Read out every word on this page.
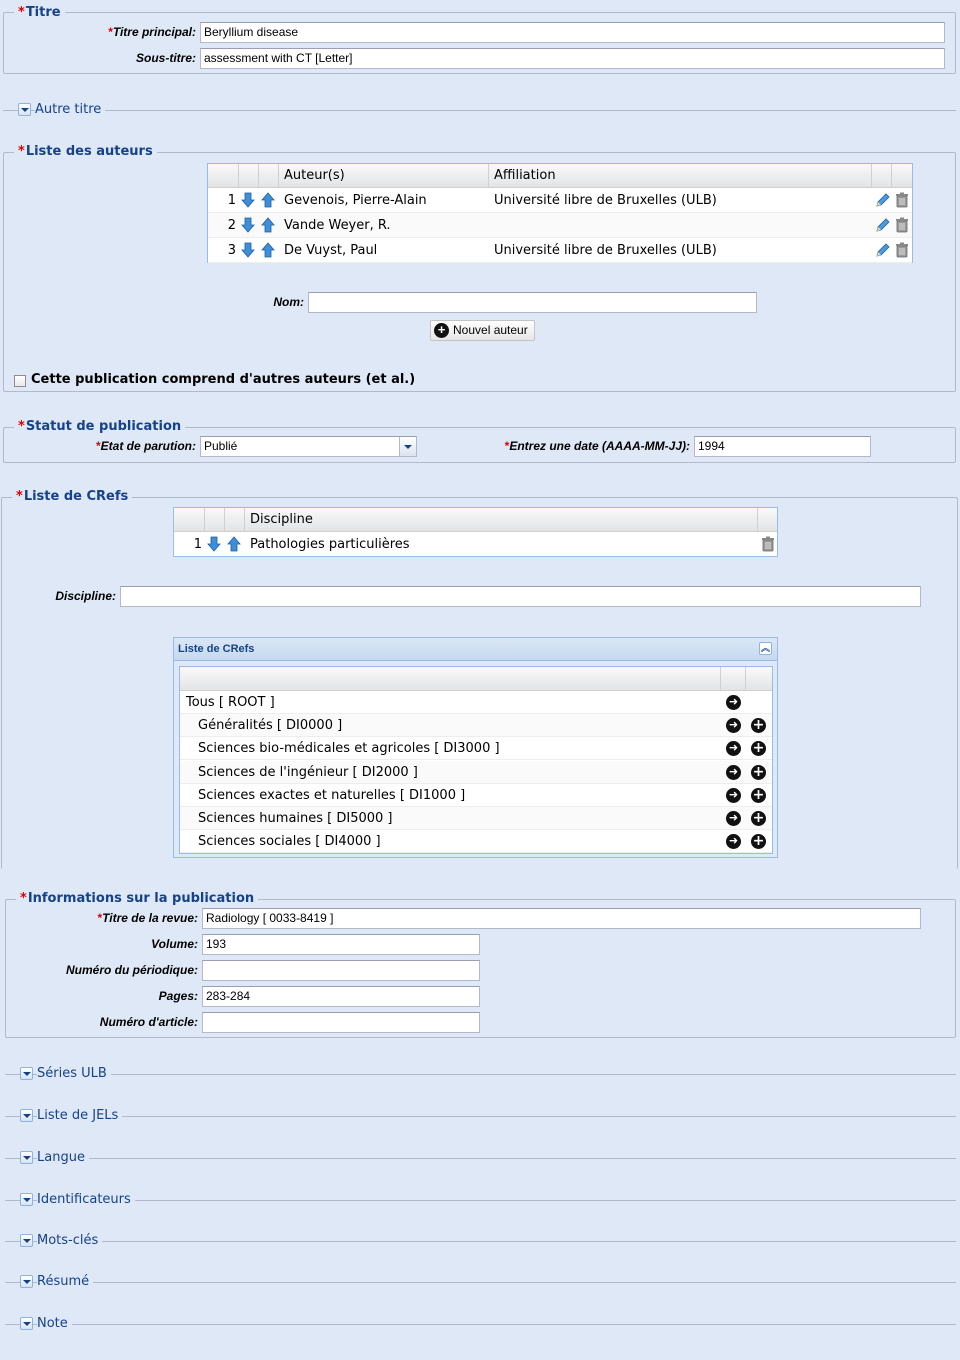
*Titre
*Titre principal: Beryllium disease
Sous-titre: assessment with CT [Letter]
Autre titre
*Liste des auteurs
Auteur(s)	Affiliation
1	Gevenois, Pierre-Alain	Université libre de Bruxelles (ULB)
2	Vande Weyer, R.
3	De Vuyst, Paul	Université libre de Bruxelles (ULB)
Nom:
+ Nouvel auteur
Cette publication comprend d'autres auteurs (et al.)
*Statut de publication
*Etat de parution: Publié	*Entrez une date (AAAA-MM-JJ): 1994
*Liste de CRefs
Discipline
1	Pathologies particulières
Discipline:
Liste de CRefs	︽
Tous [ ROOT ]	➜
Généralités [ DI0000 ]	➜ +
Sciences bio-médicales et agricoles [ DI3000 ]	➜ +
Sciences de l'ingénieur [ DI2000 ]	➜ +
Sciences exactes et naturelles [ DI1000 ]	➜ +
Sciences humaines [ DI5000 ]	➜ +
Sciences sociales [ DI4000 ]	➜ +
*Informations sur la publication
*Titre de la revue: Radiology [ 0033-8419 ]
Volume: 193
Numéro du périodique:
Pages: 283-284
Numéro d'article:
Séries ULB
Liste de JELs
Langue
Identificateurs
Mots-clés
Résumé
Note
